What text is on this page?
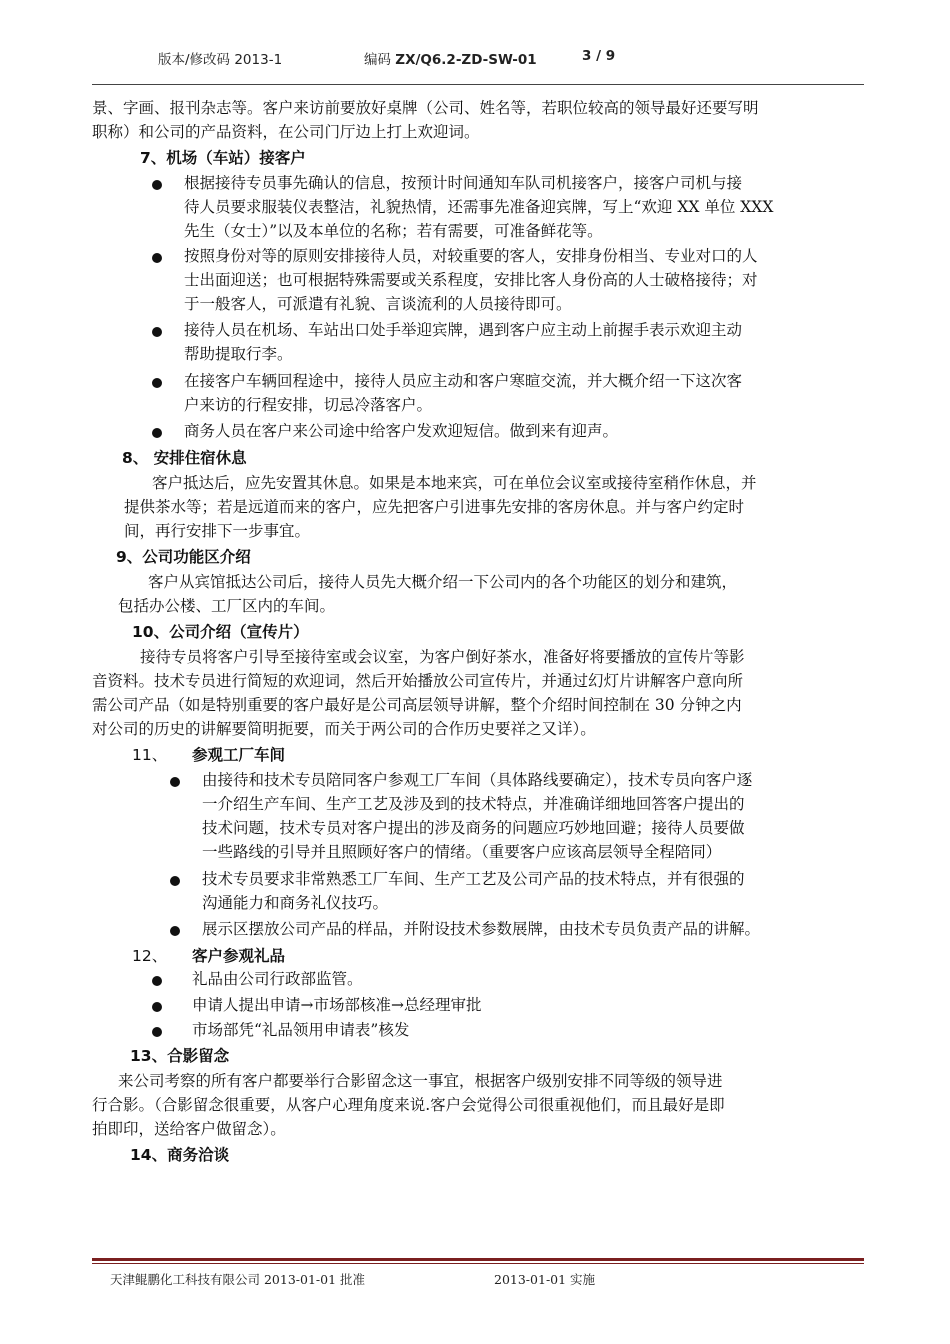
版本/修改码 2013-1	编码 ZX/Q6.2-ZD-SW-01	3 / 9
景、字画、报刊杂志等。客户来访前要放好桌牌（公司、姓名等，若职位较高的领导最好还要写明
职称）和公司的产品资料，在公司门厅边上打上欢迎词。
7、机场（车站）接客户
根据接待专员事先确认的信息，按预计时间通知车队司机接客户，接客户司机与接
待人员要求服装仪表整洁，礼貌热情，还需事先准备迎宾牌，写上“欢迎 XX 单位 XXX
先生（女士）”以及本单位的名称；若有需要，可准备鲜花等。
按照身份对等的原则安排接待人员，对较重要的客人，安排身份相当、专业对口的人
士出面迎送；也可根据特殊需要或关系程度，安排比客人身份高的人士破格接待；对
于一般客人，可派遣有礼貌、言谈流利的人员接待即可。
接待人员在机场、车站出口处手举迎宾牌，遇到客户应主动上前握手表示欢迎主动
帮助提取行李。
在接客户车辆回程途中，接待人员应主动和客户寒暄交流，并大概介绍一下这次客
户来访的行程安排，切忌冷落客户。
商务人员在客户来公司途中给客户发欢迎短信。做到来有迎声。
8、 安排住宿休息
客户抵达后，应先安置其休息。如果是本地来宾，可在单位会议室或接待室稍作休息，并
提供茶水等；若是远道而来的客户，应先把客户引进事先安排的客房休息。并与客户约定时
间，再行安排下一步事宜。
9、公司功能区介绍
客户从宾馆抵达公司后，接待人员先大概介绍一下公司内的各个功能区的划分和建筑，
包括办公楼、工厂区内的车间。
10、公司介绍（宣传片）
接待专员将客户引导至接待室或会议室，为客户倒好茶水，准备好将要播放的宣传片等影
音资料。技术专员进行简短的欢迎词，然后开始播放公司宣传片，并通过幻灯片讲解客户意向所
需公司产品（如是特别重要的客户最好是公司高层领导讲解，整个介绍时间控制在 30 分钟之内
对公司的历史的讲解要简明扼要，而关于两公司的合作历史要祥之又详）。
11、 参观工厂车间
由接待和技术专员陪同客户参观工厂车间（具体路线要确定），技术专员向客户逐
一介绍生产车间、生产工艺及涉及到的技术特点，并准确详细地回答客户提出的
技术问题，技术专员对客户提出的涉及商务的问题应巧妙地回避；接待人员要做
一些路线的引导并且照顾好客户的情绪。（重要客户应该高层领导全程陪同）
技术专员要求非常熟悉工厂车间、生产工艺及公司产品的技术特点，并有很强的
沟通能力和商务礼仪技巧。
展示区摆放公司产品的样品，并附设技术参数展牌，由技术专员负责产品的讲解。
12、 客户参观礼品
礼品由公司行政部监管。
申请人提出申请→市场部核准→总经理审批
市场部凭“礼品领用申请表”核发
13、合影留念
来公司考察的所有客户都要举行合影留念这一事宜，根据客户级别安排不同等级的领导进
行合影。（合影留念很重要，从客户心理角度来说.客户会觉得公司很重视他们，而且最好是即
拍即印，送给客户做留念）。
14、商务洽谈
天津鲲鹏化工科技有限公司 2013-01-01 批准	2013-01-01 实施
